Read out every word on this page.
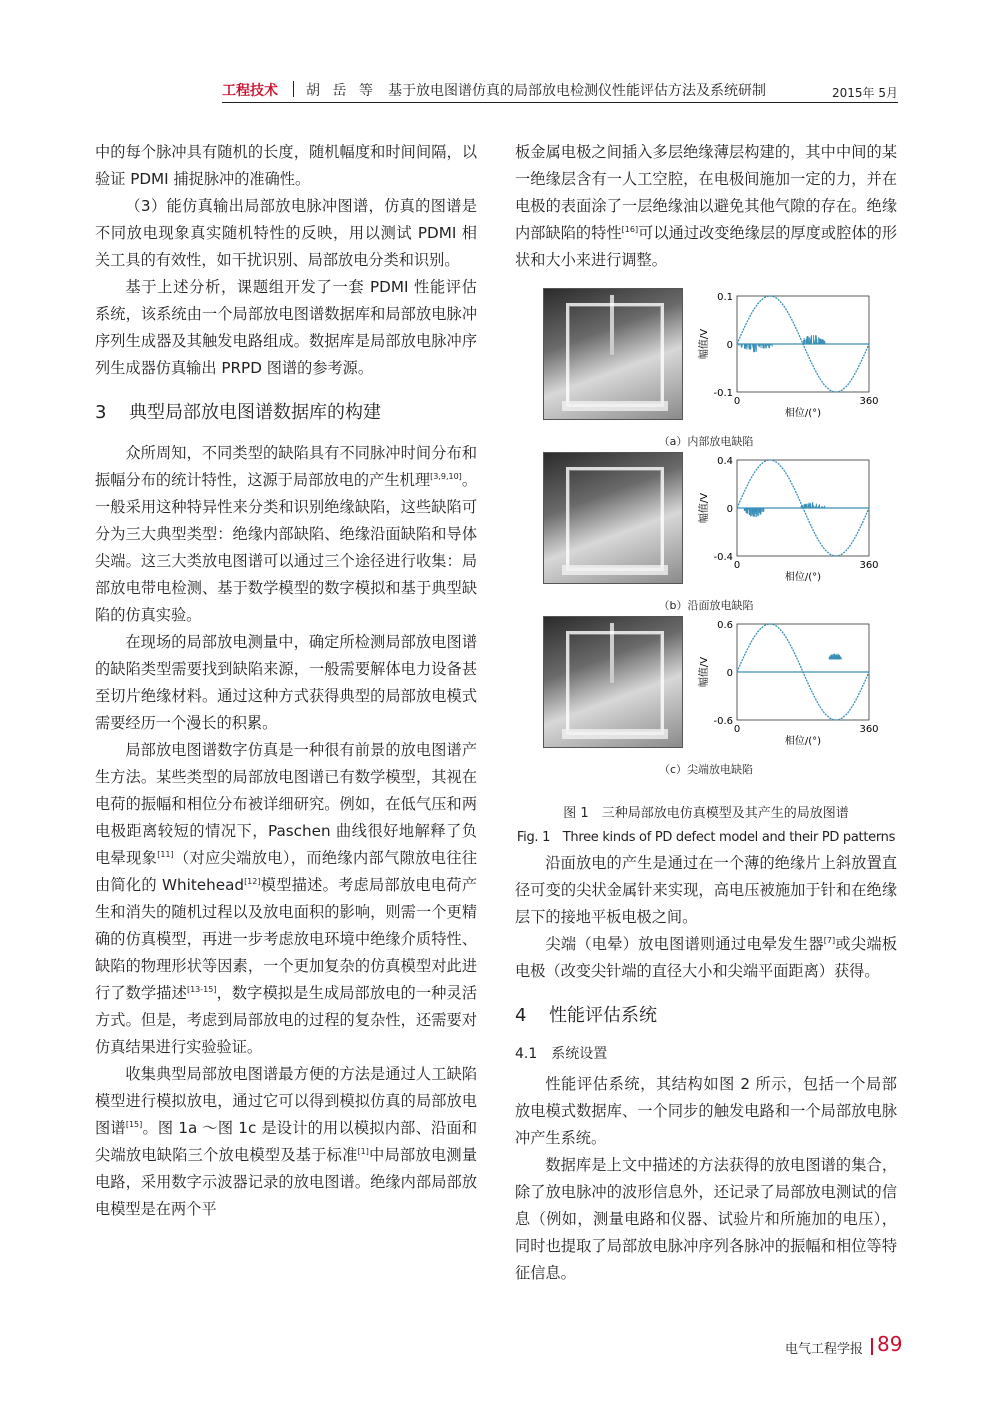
工程技术 胡 岳 等 基于放电图谱仿真的局部放电检测仪性能评估方法及系统研制	2015年 5月

中的每个脉冲具有随机的长度，随机幅度和时间间隔，以验证 PDMI 捕捉脉冲的准确性。

（3）能仿真输出局部放电脉冲图谱，仿真的图谱是不同放电现象真实随机特性的反映，用以测试 PDMI 相关工具的有效性，如干扰识别、局部放电分类和识别。

基于上述分析，课题组开发了一套 PDMI 性能评估系统，该系统由一个局部放电图谱数据库和局部放电脉冲序列生成器及其触发电路组成。数据库是局部放电脉冲序列生成器仿真输出 PRPD 图谱的参考源。

3 典型局部放电图谱数据库的构建

众所周知，不同类型的缺陷具有不同脉冲时间分布和振幅分布的统计特性，这源于局部放电的产生机理[3,9,10]。一般采用这种特异性来分类和识别绝缘缺陷，这些缺陷可分为三大典型类型：绝缘内部缺陷、绝缘沿面缺陷和导体尖端。这三大类放电图谱可以通过三个途径进行收集：局部放电带电检测、基于数学模型的数字模拟和基于典型缺陷的仿真实验。

在现场的局部放电测量中，确定所检测局部放电图谱的缺陷类型需要找到缺陷来源，一般需要解体电力设备甚至切片绝缘材料。通过这种方式获得典型的局部放电模式需要经历一个漫长的积累。

局部放电图谱数字仿真是一种很有前景的放电图谱产生方法。某些类型的局部放电图谱已有数学模型，其视在电荷的振幅和相位分布被详细研究。例如，在低气压和两电极距离较短的情况下，Paschen 曲线很好地解释了负电晕现象[11]（对应尖端放电），而绝缘内部气隙放电往往由简化的 Whitehead[12]模型描述。考虑局部放电电荷产生和消失的随机过程以及放电面积的影响，则需一个更精确的仿真模型，再进一步考虑放电环境中绝缘介质特性、缺陷的物理形状等因素，一个更加复杂的仿真模型对此进行了数学描述[13-15]，数字模拟是生成局部放电的一种灵活方式。但是，考虑到局部放电的过程的复杂性，还需要对仿真结果进行实验验证。

收集典型局部放电图谱最方便的方法是通过人工缺陷模型进行模拟放电，通过它可以得到模拟仿真的局部放电图谱[15]。图 1a ～图 1c 是设计的用以模拟内部、沿面和尖端放电缺陷三个放电模型及基于标准[1]中局部放电测量电路，采用数字示波器记录的放电图谱。绝缘内部局部放电模型是在两个平

板金属电极之间插入多层绝缘薄层构建的，其中中间的某一绝缘层含有一人工空腔，在电极间施加一定的力，并在电极的表面涂了一层绝缘油以避免其他气隙的存在。绝缘内部缺陷的特性[16]可以通过改变绝缘层的厚度或腔体的形状和大小来进行调整。

0.1
0
-0.1
0	360
相位/(°)
幅值/V
（a）内部放电缺陷
0.4
0
-0.4
0	360
相位/(°)
幅值/V
（b）沿面放电缺陷
0.6
0
-0.6
0	360
相位/(°)
幅值/V
（c）尖端放电缺陷

图 1　三种局部放电仿真模型及其产生的局放图谱

Fig. 1　Three kinds of PD defect model and their PD patterns

沿面放电的产生是通过在一个薄的绝缘片上斜放置直径可变的尖状金属针来实现，高电压被施加于针和在绝缘层下的接地平板电极之间。

尖端（电晕）放电图谱则通过电晕发生器[7]或尖端板电极（改变尖针端的直径大小和尖端平面距离）获得。

4 性能评估系统
4.1　系统设置

性能评估系统，其结构如图 2 所示，包括一个局部放电模式数据库、一个同步的触发电路和一个局部放电脉冲产生系统。

数据库是上文中描述的方法获得的放电图谱的集合，除了放电脉冲的波形信息外，还记录了局部放电测试的信息（例如，测量电路和仪器、试验片和所施加的电压），同时也提取了局部放电脉冲序列各脉冲的振幅和相位等特征信息。

电气工程学报 89
